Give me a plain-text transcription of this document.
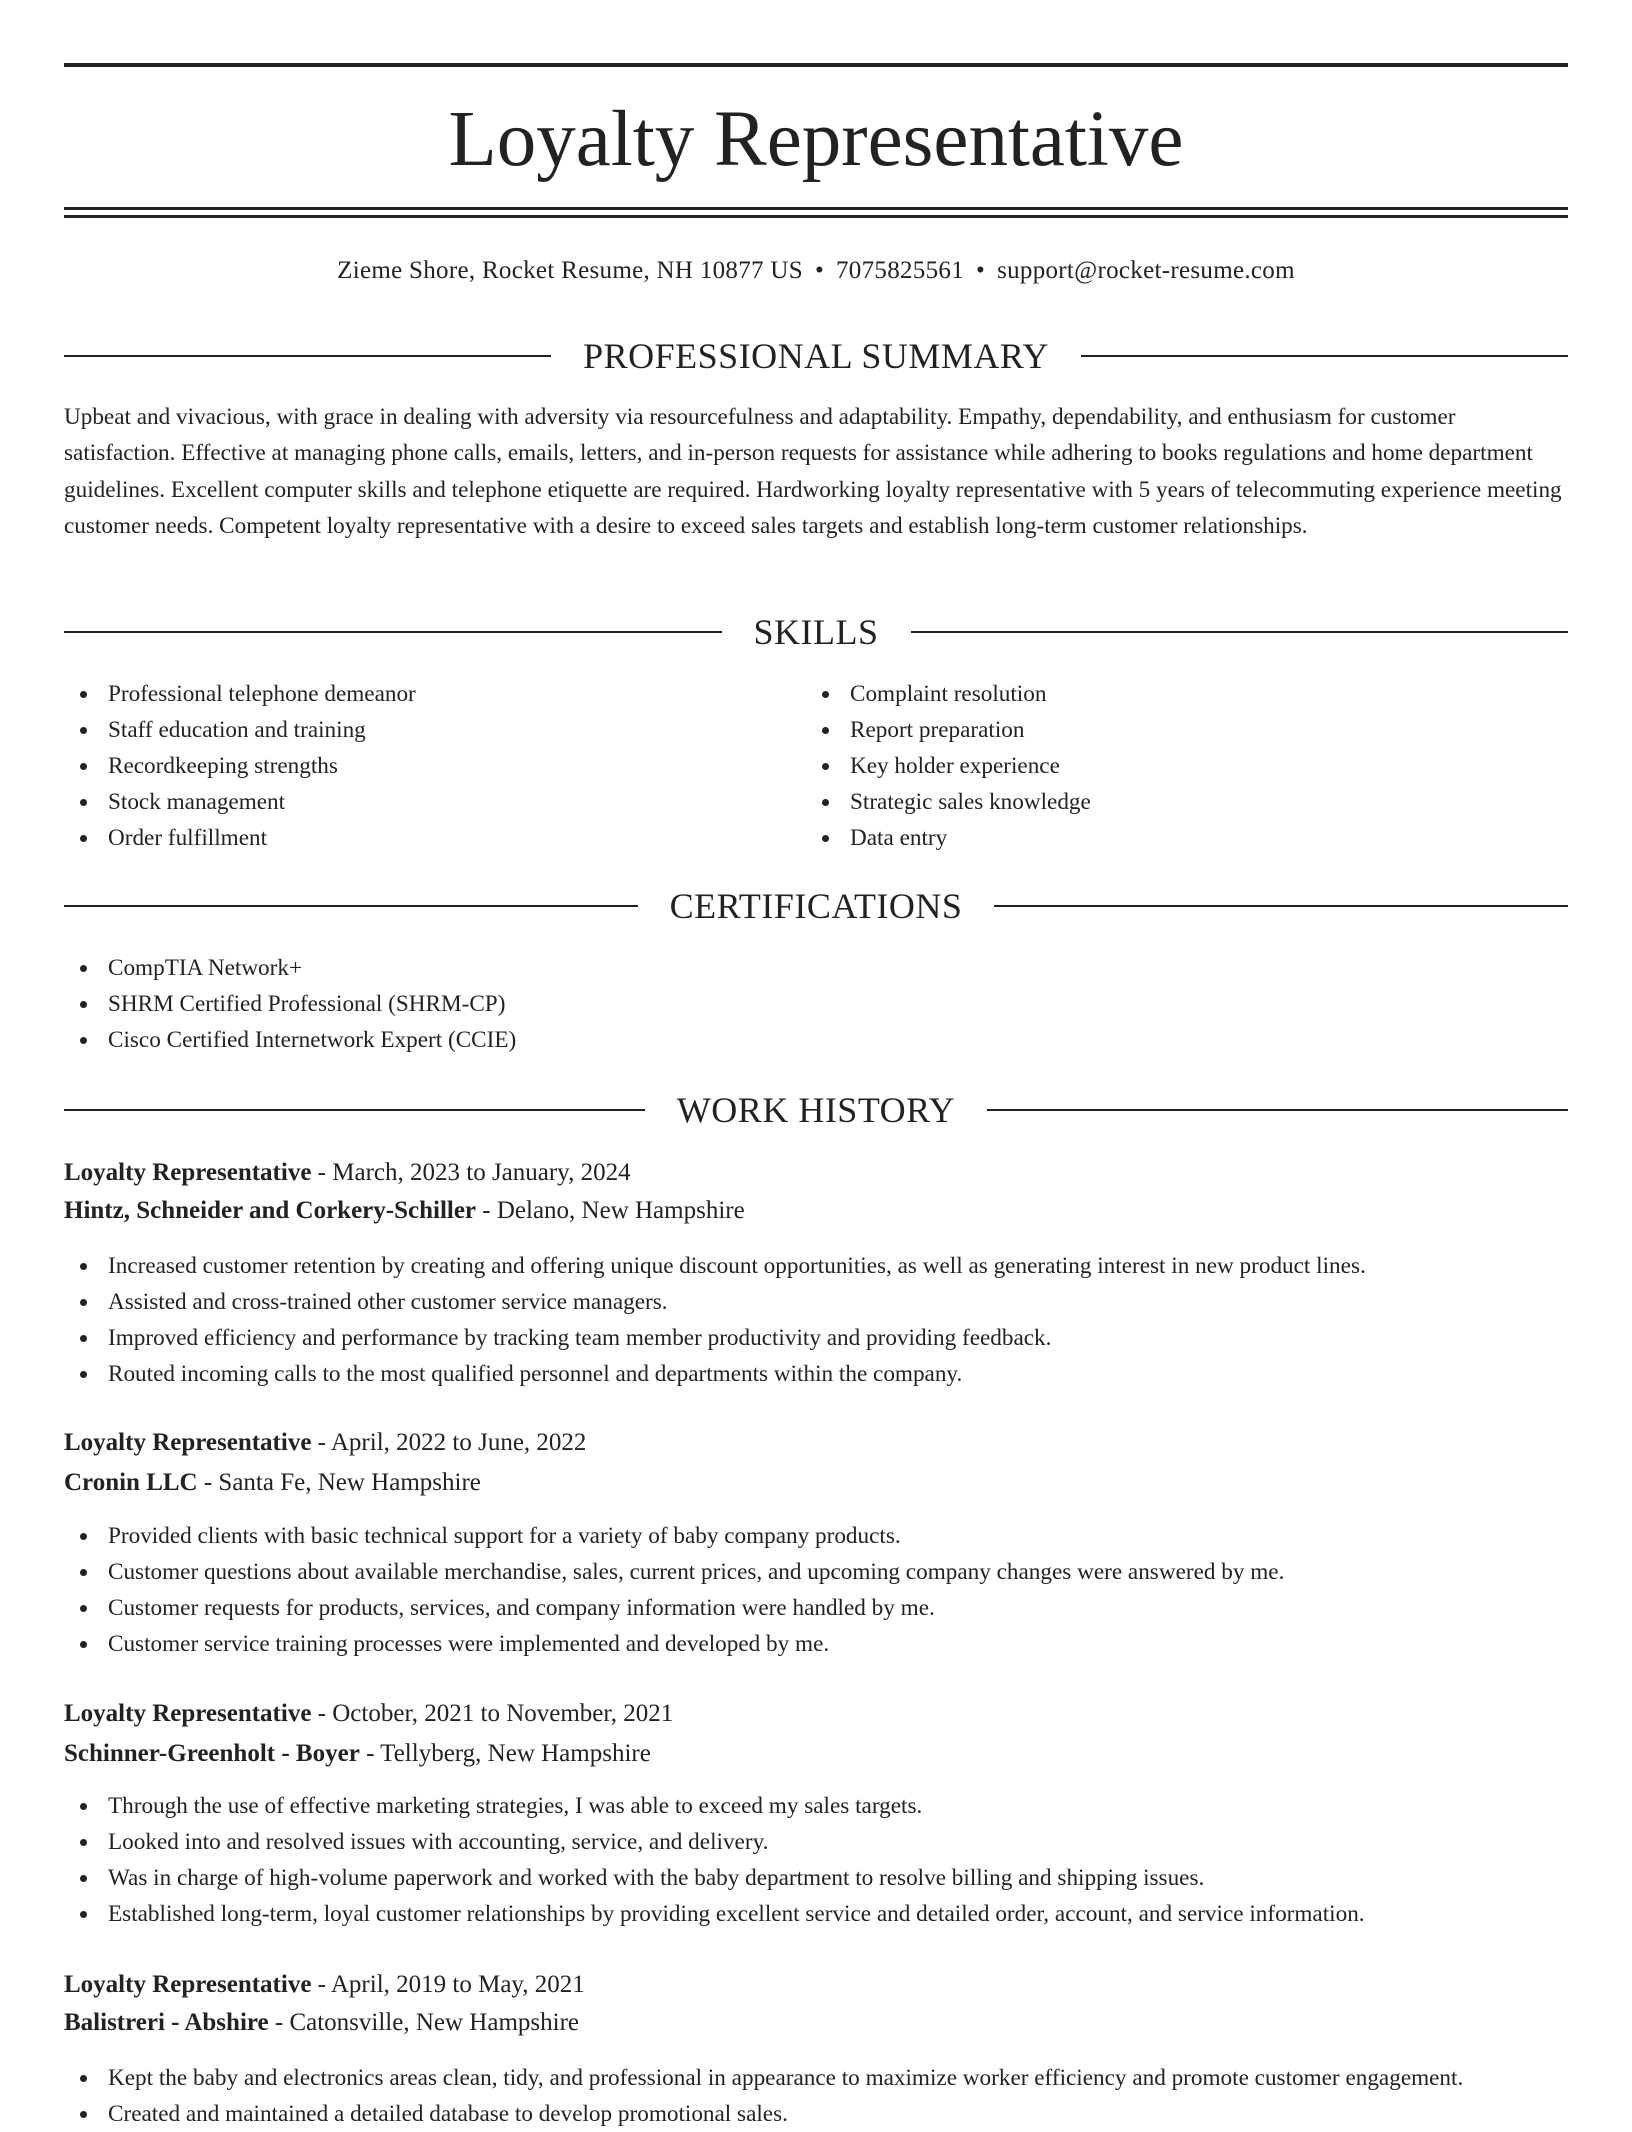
Loyalty Representative
Zieme Shore, Rocket Resume, NH 10877 US • 7075825561 • support@rocket-resume.com
PROFESSIONAL SUMMARY

Upbeat and vivacious, with grace in dealing with adversity via resourcefulness and adaptability. Empathy, dependability, and enthusiasm for customer satisfaction. Effective at managing phone calls, emails, letters, and in-person requests for assistance while adhering to books regulations and home department guidelines. Excellent computer skills and telephone etiquette are required. Hardworking loyalty representative with 5 years of telecommuting experience meeting customer needs. Competent loyalty representative with a desire to exceed sales targets and establish long-term customer relationships.

SKILLS
Professional telephone demeanor
Staff education and training
Recordkeeping strengths
Stock management
Order fulfillment
Complaint resolution
Report preparation
Key holder experience
Strategic sales knowledge
Data entry
CERTIFICATIONS
CompTIA Network+
SHRM Certified Professional (SHRM-CP)
Cisco Certified Internetwork Expert (CCIE)
WORK HISTORY
Loyalty Representative - March, 2023 to January, 2024
Hintz, Schneider and Corkery-Schiller - Delano, New Hampshire
Increased customer retention by creating and offering unique discount opportunities, as well as generating interest in new product lines.
Assisted and cross-trained other customer service managers.
Improved efficiency and performance by tracking team member productivity and providing feedback.
Routed incoming calls to the most qualified personnel and departments within the company.
Loyalty Representative - April, 2022 to June, 2022
Cronin LLC - Santa Fe, New Hampshire
Provided clients with basic technical support for a variety of baby company products.
Customer questions about available merchandise, sales, current prices, and upcoming company changes were answered by me.
Customer requests for products, services, and company information were handled by me.
Customer service training processes were implemented and developed by me.
Loyalty Representative - October, 2021 to November, 2021
Schinner-Greenholt - Boyer - Tellyberg, New Hampshire
Through the use of effective marketing strategies, I was able to exceed my sales targets.
Looked into and resolved issues with accounting, service, and delivery.
Was in charge of high-volume paperwork and worked with the baby department to resolve billing and shipping issues.
Established long-term, loyal customer relationships by providing excellent service and detailed order, account, and service information.
Loyalty Representative - April, 2019 to May, 2021
Balistreri - Abshire - Catonsville, New Hampshire
Kept the baby and electronics areas clean, tidy, and professional in appearance to maximize worker efficiency and promote customer engagement.
Created and maintained a detailed database to develop promotional sales.
